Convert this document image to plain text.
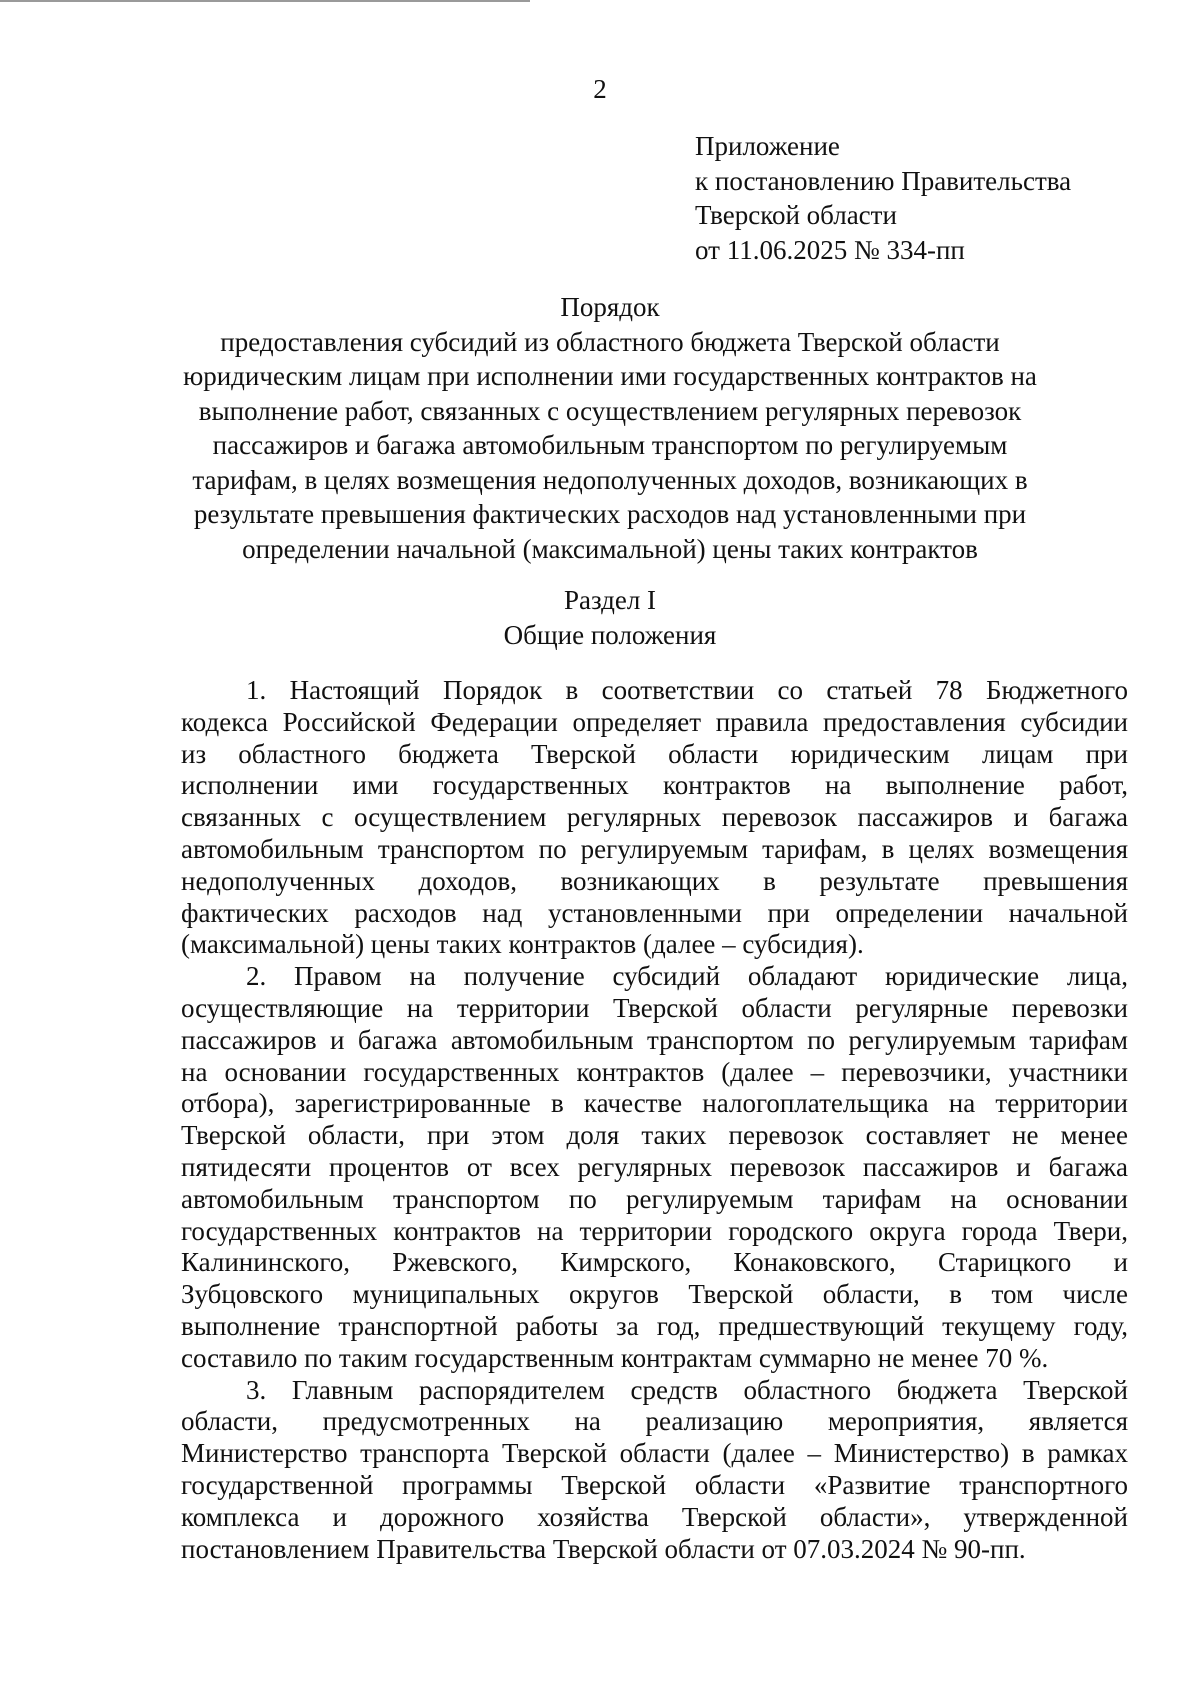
2
Приложение
к постановлению Правительства
Тверской области
от 11.06.2025 № 334-пп
Порядок
предоставления субсидий из областного бюджета Тверской области
юридическим лицам при исполнении ими государственных контрактов на
выполнение работ, связанных с осуществлением регулярных перевозок
пассажиров и багажа автомобильным транспортом по регулируемым
тарифам, в целях возмещения недополученных доходов, возникающих в
результате превышения фактических расходов над установленными при
определении начальной (максимальной) цены таких контрактов
Раздел I
Общие положения
1. Настоящий Порядок в соответствии со статьей 78 Бюджетного
кодекса Российской Федерации определяет правила предоставления субсидии
из областного бюджета Тверской области юридическим лицам при
исполнении ими государственных контрактов на выполнение работ,
связанных с осуществлением регулярных перевозок пассажиров и багажа
автомобильным транспортом по регулируемым тарифам, в целях возмещения
недополученных доходов, возникающих в результате превышения
фактических расходов над установленными при определении начальной
(максимальной) цены таких контрактов (далее – субсидия).
2. Правом на получение субсидий обладают юридические лица,
осуществляющие на территории Тверской области регулярные перевозки
пассажиров и багажа автомобильным транспортом по регулируемым тарифам
на основании государственных контрактов (далее – перевозчики, участники
отбора), зарегистрированные в качестве налогоплательщика на территории
Тверской области, при этом доля таких перевозок составляет не менее
пятидесяти процентов от всех регулярных перевозок пассажиров и багажа
автомобильным транспортом по регулируемым тарифам на основании
государственных контрактов на территории городского округа города Твери,
Калининского, Ржевского, Кимрского, Конаковского, Старицкого и
Зубцовского муниципальных округов Тверской области, в том числе
выполнение транспортной работы за год, предшествующий текущему году,
составило по таким государственным контрактам суммарно не менее 70 %.
3. Главным распорядителем средств областного бюджета Тверской
области, предусмотренных на реализацию мероприятия, является
Министерство транспорта Тверской области (далее – Министерство) в рамках
государственной программы Тверской области «Развитие транспортного
комплекса и дорожного хозяйства Тверской области», утвержденной
постановлением Правительства Тверской области от 07.03.2024 № 90-пп.
